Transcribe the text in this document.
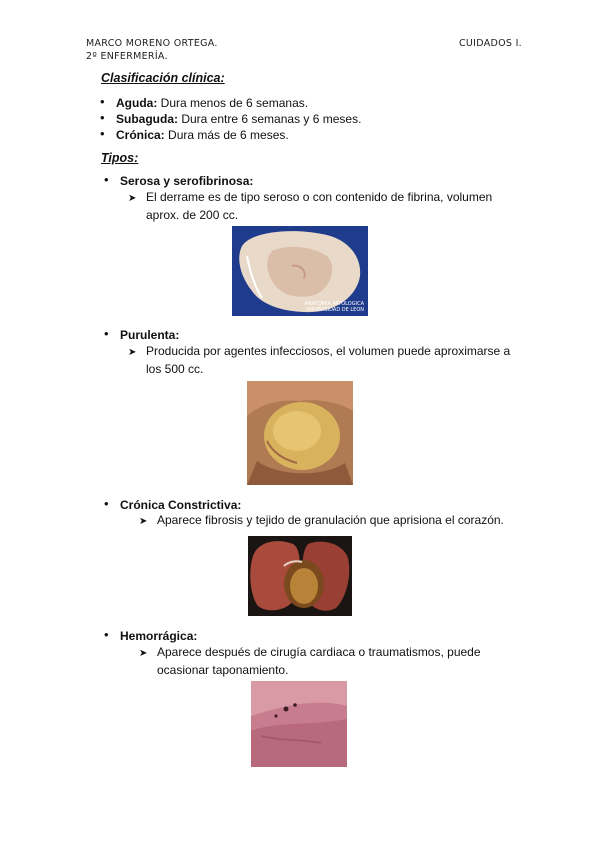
MARCO MORENO ORTEGA.
2º ENFERMERÍA.
CUIDADOS I.
Clasificación clínica:
• Aguda: Dura menos de 6 semanas.
• Subaguda: Dura entre 6 semanas y 6 meses.
• Crónica: Dura más de 6 meses.
Tipos:
• Serosa y serofibrinosa:
➤ El derrame es de tipo seroso o con contenido de fibrina, volumen
aprox. de 200 cc.
ANATOMIA PATOLOGICA
UNIVERSIDAD DE LEON
• Purulenta:
➤ Producida por agentes infecciosos, el volumen puede aproximarse a
los 500 cc.
• Crónica Constrictiva:
➤ Aparece fibrosis y tejido de granulación que aprisiona el corazón.
• Hemorrágica:
➤ Aparece después de cirugía cardiaca o traumatismos, puede
ocasionar taponamiento.
